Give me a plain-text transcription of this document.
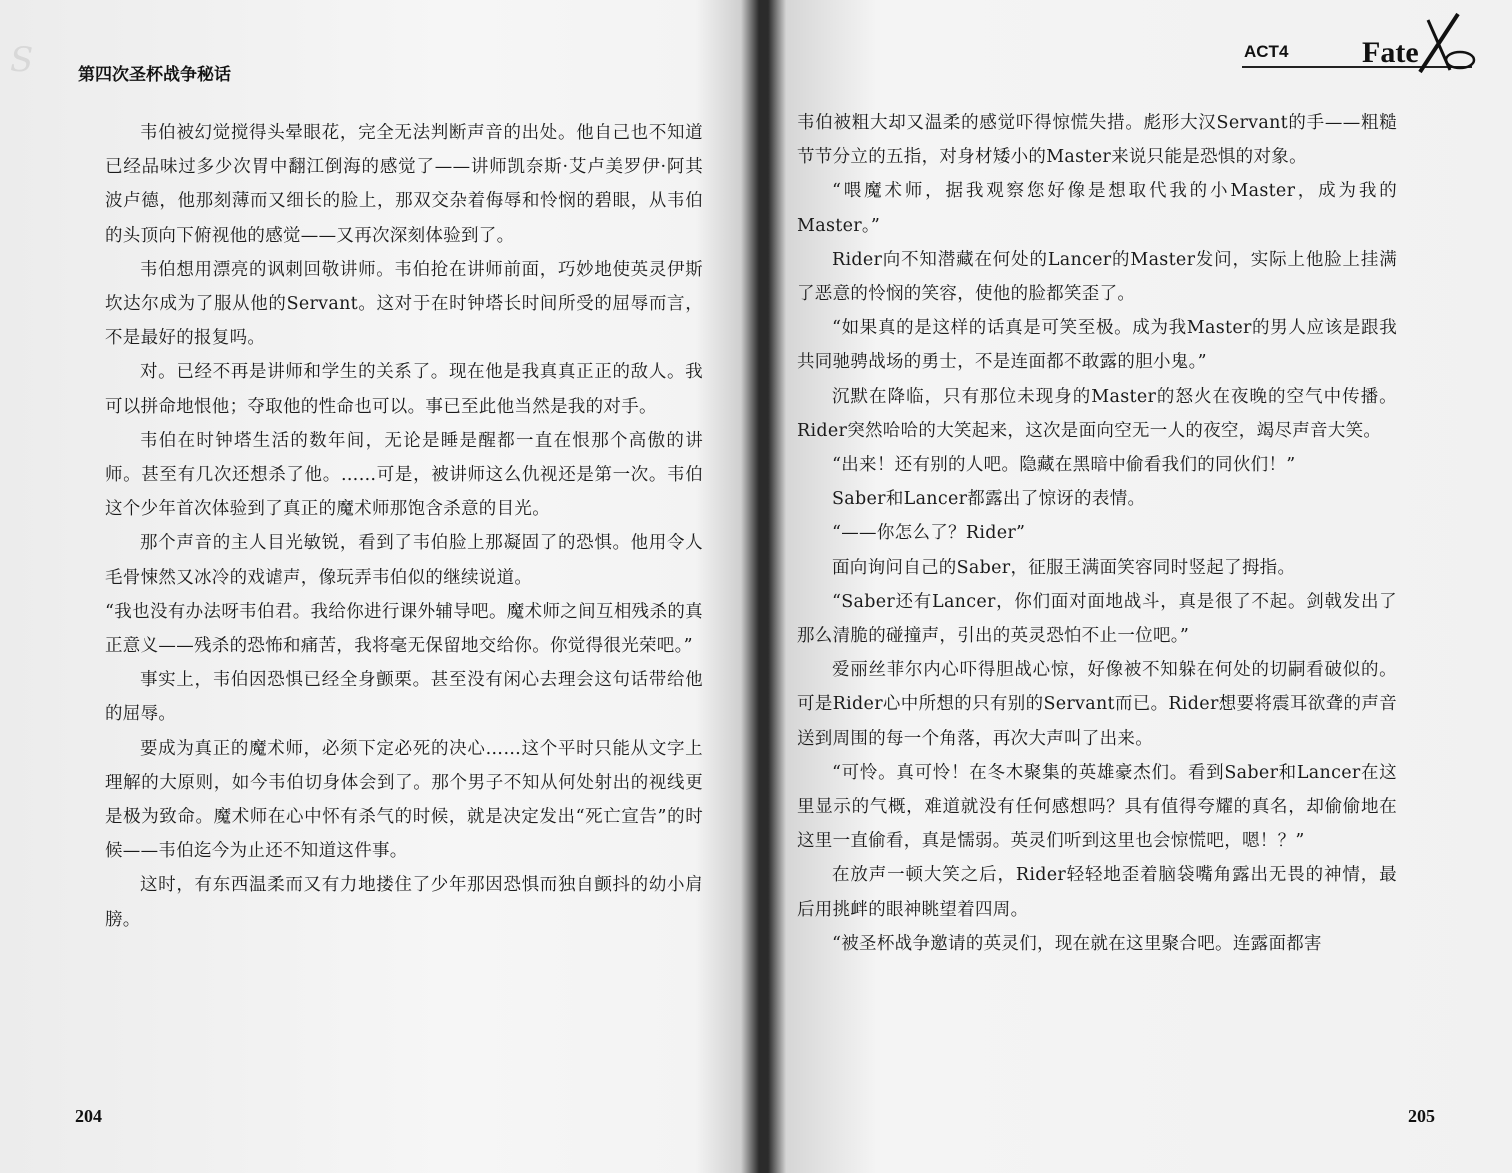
S	第四次圣杯战争秘话

韦伯被幻觉搅得头晕眼花，完全无法判断声音的出处。他自己也不知道已经品味过多少次胃中翻江倒海的感觉了——讲师凯奈斯·艾卢美罗伊·阿其波卢德，他那刻薄而又细长的脸上，那双交杂着侮辱和怜悯的碧眼，从韦伯的头顶向下俯视他的感觉——又再次深刻体验到了。

韦伯想用漂亮的讽刺回敬讲师。韦伯抢在讲师前面，巧妙地使英灵伊斯坎达尔成为了服从他的Servant。这对于在时钟塔长时间所受的屈辱而言，不是最好的报复吗。

对。已经不再是讲师和学生的关系了。现在他是我真真正正的敌人。我可以拼命地恨他；夺取他的性命也可以。事已至此他当然是我的对手。

韦伯在时钟塔生活的数年间，无论是睡是醒都一直在恨那个高傲的讲师。甚至有几次还想杀了他。……可是，被讲师这么仇视还是第一次。韦伯这个少年首次体验到了真正的魔术师那饱含杀意的目光。

那个声音的主人目光敏锐，看到了韦伯脸上那凝固了的恐惧。他用令人毛骨悚然又冰冷的戏谑声，像玩弄韦伯似的继续说道。

“我也没有办法呀韦伯君。我给你进行课外辅导吧。魔术师之间互相残杀的真正意义——残杀的恐怖和痛苦，我将毫无保留地交给你。你觉得很光荣吧。”

事实上，韦伯因恐惧已经全身颤栗。甚至没有闲心去理会这句话带给他的屈辱。

要成为真正的魔术师，必须下定必死的决心……这个平时只能从文字上理解的大原则，如今韦伯切身体会到了。那个男子不知从何处射出的视线更是极为致命。魔术师在心中怀有杀气的时候，就是决定发出“死亡宣告”的时候——韦伯迄今为止还不知道这件事。

这时，有东西温柔而又有力地搂住了少年那因恐惧而独自颤抖的幼小肩膀。

204
ACT4 Fate

韦伯被粗大却又温柔的感觉吓得惊慌失措。彪形大汉Servant的手——粗糙节节分立的五指，对身材矮小的Master来说只能是恐惧的对象。

“喂魔术师，据我观察您好像是想取代我的小Master，成为我的Master。”

Rider向不知潜藏在何处的Lancer的Master发问，实际上他脸上挂满了恶意的怜悯的笑容，使他的脸都笑歪了。

“如果真的是这样的话真是可笑至极。成为我Master的男人应该是跟我共同驰骋战场的勇士，不是连面都不敢露的胆小鬼。”

沉默在降临，只有那位未现身的Master的怒火在夜晚的空气中传播。Rider突然哈哈的大笑起来，这次是面向空无一人的夜空，竭尽声音大笑。

“出来！还有别的人吧。隐藏在黑暗中偷看我们的同伙们！”

Saber和Lancer都露出了惊讶的表情。

“——你怎么了？Rider”

面向询问自己的Saber，征服王满面笑容同时竖起了拇指。

“Saber还有Lancer，你们面对面地战斗，真是很了不起。剑戟发出了那么清脆的碰撞声，引出的英灵恐怕不止一位吧。”

爱丽丝菲尔内心吓得胆战心惊，好像被不知躲在何处的切嗣看破似的。可是Rider心中所想的只有别的Servant而已。Rider想要将震耳欲聋的声音送到周围的每一个角落，再次大声叫了出来。

“可怜。真可怜！在冬木聚集的英雄豪杰们。看到Saber和Lancer在这里显示的气概，难道就没有任何感想吗？具有值得夸耀的真名，却偷偷地在这里一直偷看，真是懦弱。英灵们听到这里也会惊慌吧，嗯！？”

在放声一顿大笑之后，Rider轻轻地歪着脑袋嘴角露出无畏的神情，最后用挑衅的眼神眺望着四周。

“被圣杯战争邀请的英灵们，现在就在这里聚合吧。连露面都害

205
